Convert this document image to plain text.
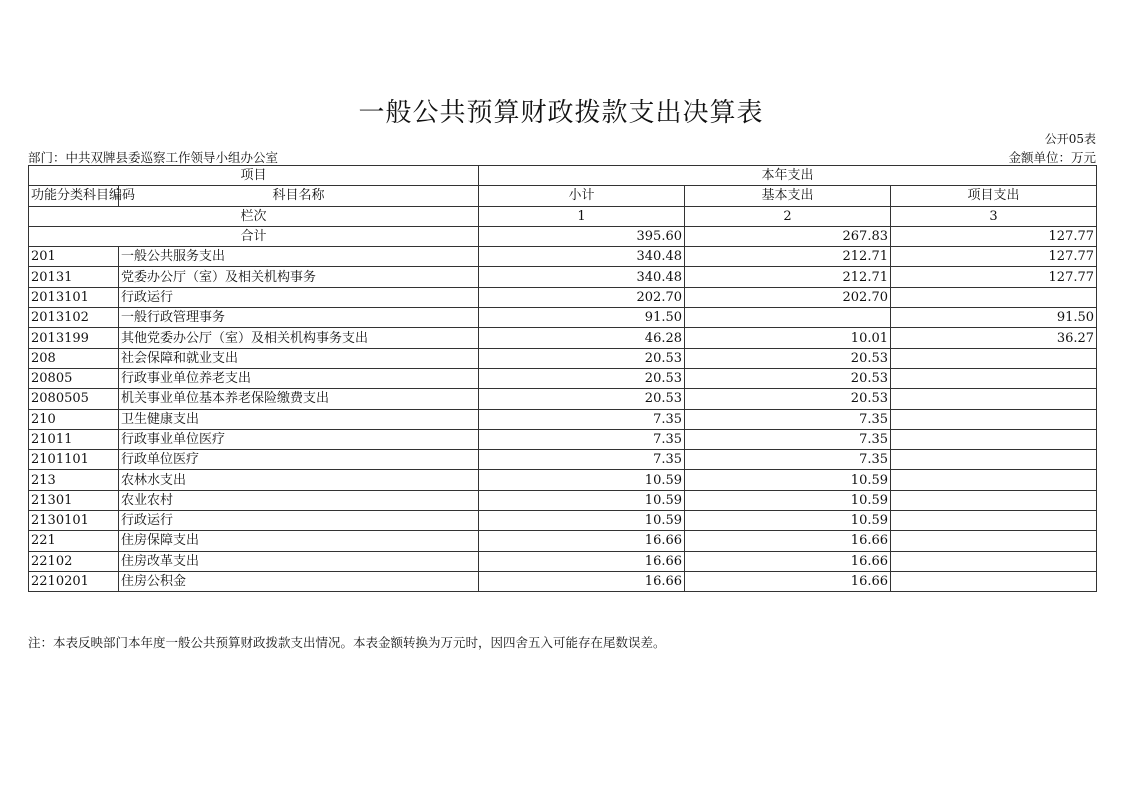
一般公共预算财政拨款支出决算表
公开05表
部门：中共双牌县委巡察工作领导小组办公室	金额单位：万元
项目		本年支出		
功能分类科目编码	科目名称	小计	基本支出	项目支出
栏次		1	2	3
合计		395.60	267.83	127.77
201	一般公共服务支出	340.48	212.71	127.77
20131	党委办公厅（室）及相关机构事务	340.48	212.71	127.77
2013101	行政运行	202.70	202.70	
2013102	一般行政管理事务	91.50		91.50
2013199	其他党委办公厅（室）及相关机构事务支出	46.28	10.01	36.27
208	社会保障和就业支出	20.53	20.53	
20805	行政事业单位养老支出	20.53	20.53	
2080505	机关事业单位基本养老保险缴费支出	20.53	20.53	
210	卫生健康支出	7.35	7.35	
21011	行政事业单位医疗	7.35	7.35	
2101101	行政单位医疗	7.35	7.35	
213	农林水支出	10.59	10.59	
21301	农业农村	10.59	10.59	
2130101	行政运行	10.59	10.59	
221	住房保障支出	16.66	16.66	
22102	住房改革支出	16.66	16.66	
2210201	住房公积金	16.66	16.66	
注：本表反映部门本年度一般公共预算财政拨款支出情况。本表金额转换为万元时，因四舍五入可能存在尾数误差。
